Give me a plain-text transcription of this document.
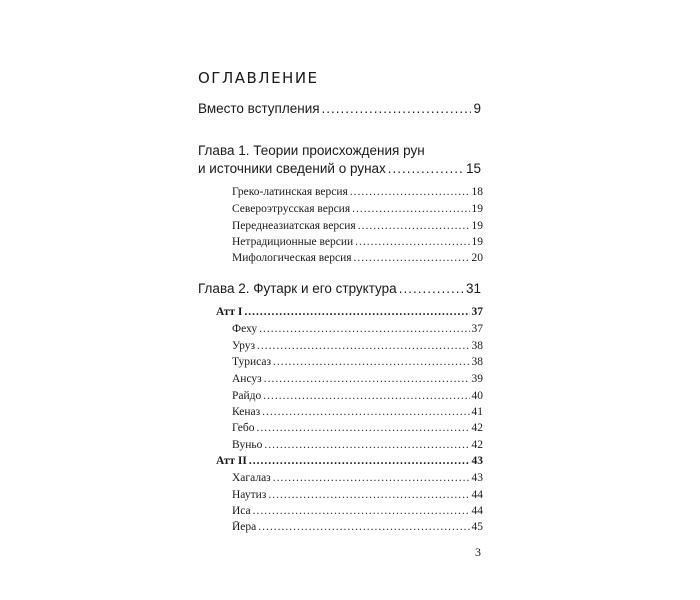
оглавление
Вместо вступления .....	9
Глава 1. Теории происхождения рун
и источники сведений о рунах .....	15
Греко-латинская версия .....	18
Североэтрусская версия .....	19
Переднеазиатская версия .....	19
Нетрадиционные версии .....	19
Мифологическая версия .....	20
Глава 2. Футарк и его структура .....	31
Атт I .....	37
Феху .....	37
Уруз .....	38
Турисаз .....	38
Ансуз .....	39
Райдо .....	40
Кеназ .....	41
Гебо .....	42
Вуньо .....	42
Атт II .....	43
Хагалаз .....	43
Наутиз .....	44
Иса .....	44
Йера .....	45
3
